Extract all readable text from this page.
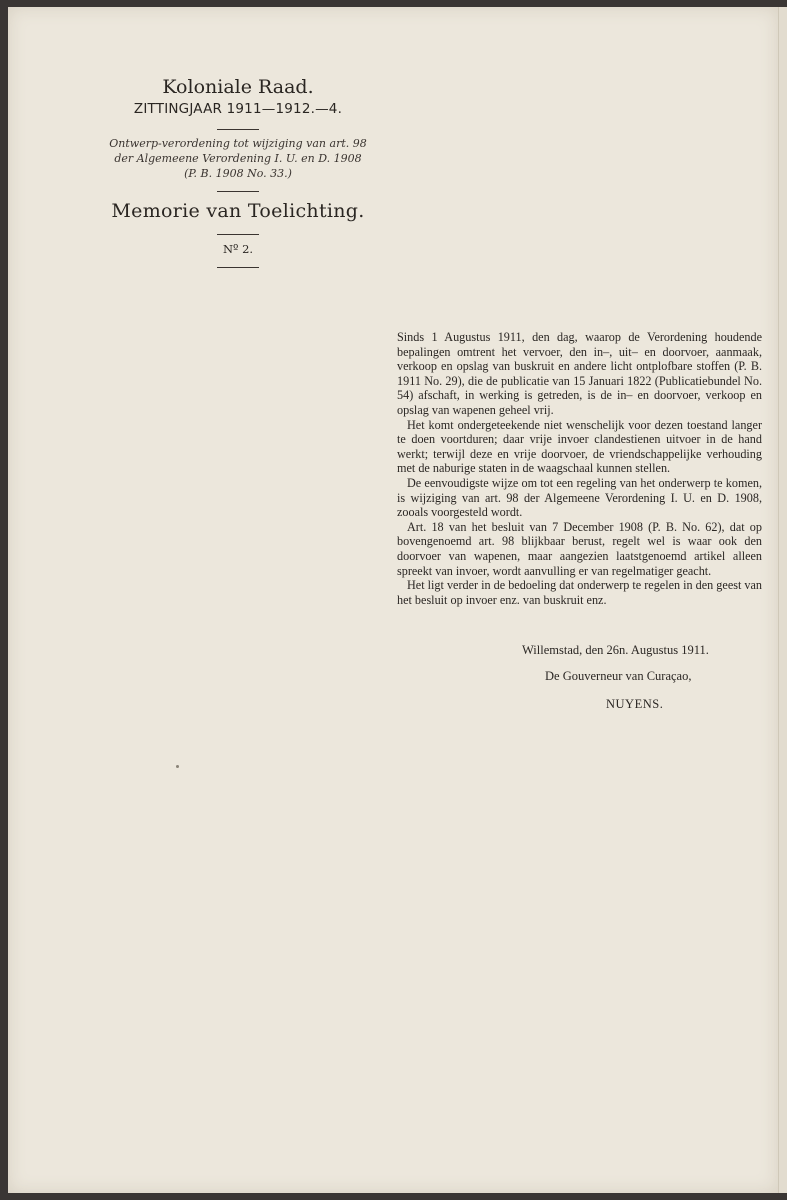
Koloniale Raad.
ZITTINGJAAR 1911—1912.—4.
Ontwerp-verordening tot wijziging van art. 98
der Algemeene Verordening I. U. en D. 1908
(P. B. 1908 No. 33.)
Memorie van Toelichting.
Nº 2.

Sinds 1 Augustus 1911, den dag, waarop de Verordening houdende bepalingen omtrent het vervoer, den in–, uit– en doorvoer, aanmaak, verkoop en opslag van buskruit en andere licht ontplofbare stoffen (P. B. 1911 No. 29), die de publicatie van 15 Januari 1822 (Publicatiebundel No. 54) afschaft, in werking is getreden, is de in– en doorvoer, verkoop en opslag van wapenen geheel vrij.

Het komt ondergeteekende niet wenschelijk voor dezen toestand langer te doen voortduren; daar vrije invoer clandestienen uitvoer in de hand werkt; terwijl deze en vrije doorvoer, de vriendschappelijke verhouding met de naburige staten in de waagschaal kunnen stellen.

De eenvoudigste wijze om tot een regeling van het onderwerp te komen, is wijziging van art. 98 der Algemeene Verordening I. U. en D. 1908, zooals voorgesteld wordt.

Art. 18 van het besluit van 7 December 1908 (P. B. No. 62), dat op bovengenoemd art. 98 blijkbaar berust, regelt wel is waar ook den doorvoer van wapenen, maar aangezien laatstgenoemd artikel alleen spreekt van invoer, wordt aanvulling er van regelmatiger geacht.

Het ligt verder in de bedoeling dat onderwerp te regelen in den geest van het besluit op invoer enz. van buskruit enz.

Willemstad, den 26n. Augustus 1911.
De Gouverneur van Curaçao,
NUYENS.
